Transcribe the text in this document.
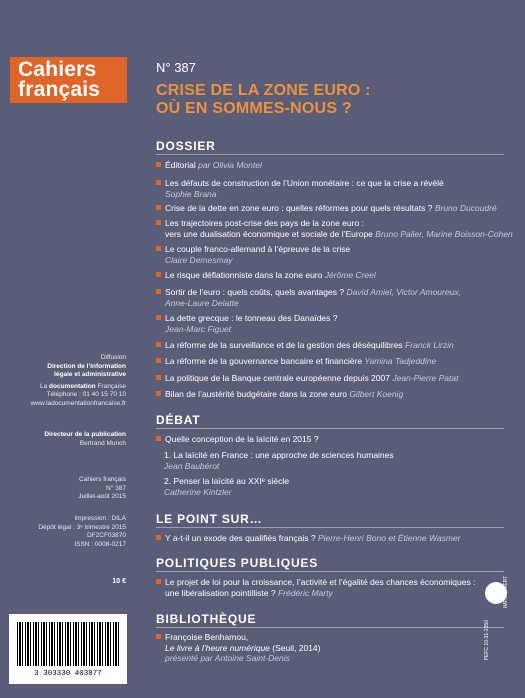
Cahiers
français
N° 387
CRISE DE LA ZONE EURO :
OÙ EN SOMMES-NOUS ?
DOSSIER
Éditorial par Olivia Montel
Les défauts de construction de l’Union monétaire : ce que la crise a révélé
Sophie Brana
Crise de la dette en zone euro : quelles réformes pour quels résultats ? Bruno Ducoudré
Les trajectoires post-crise des pays de la zone euro :
vers une dualisation économique et sociale de l’Europe Bruno Palier, Marine Boisson-Cohen
Le couple franco-allemand à l’épreuve de la crise
Claire Demesmay
Le risque déflationniste dans la zone euro Jérôme Creel
Sortir de l’euro : quels coûts, quels avantages ? David Amiel, Victor Amoureux,
Anne-Laure Delatte
La dette grecque : le tonneau des Danaïdes ?
Jean-Marc Figuet
La réforme de la surveillance et de la gestion des déséquilibres Franck Lirzin
La réforme de la gouvernance bancaire et financière Yamina Tadjeddine
La politique de la Banque centrale européenne depuis 2007 Jean-Pierre Patat
Bilan de l’austérité budgétaire dans la zone euro Gilbert Koenig
DÉBAT
Quelle conception de la laïcité en 2015 ?
1. La laïcité en France : une approche de sciences humaines
Jean Baubérot
2. Penser la laïcité au XXIᵉ siècle
Catherine Kintzler
LE POINT SUR…
Y a-t-il un exode des qualifiés français ? Pierre-Henri Bono et Étienne Wasmer
POLITIQUES PUBLIQUES
Le projet de loi pour la croissance, l’activité et l’égalité des chances économiques :
une libéralisation pointilliste ? Frédéric Marty
BIBLIOTHÈQUE
Françoise Benhamou,
Le livre à l’heure numérique (Seuil, 2014)
présenté par Antoine Saint-Denis
Diffusion
Direction de l’information
légale et administrative
La documentation Française
Téléphone : 01 40 15 70 10
www.ladocumentationfrancaise.fr
Directeur de la publication
Bertrand Munch
Cahiers français
N° 387
Juillet-août 2015
Impression : DILA
Dépôt légal : 3ᵉ trimestre 2015
DF2CF03870
ISSN : 0008-0217
10 €
3 303330 403877
PEFC 10-31-2350
IMPRIM'VERT
